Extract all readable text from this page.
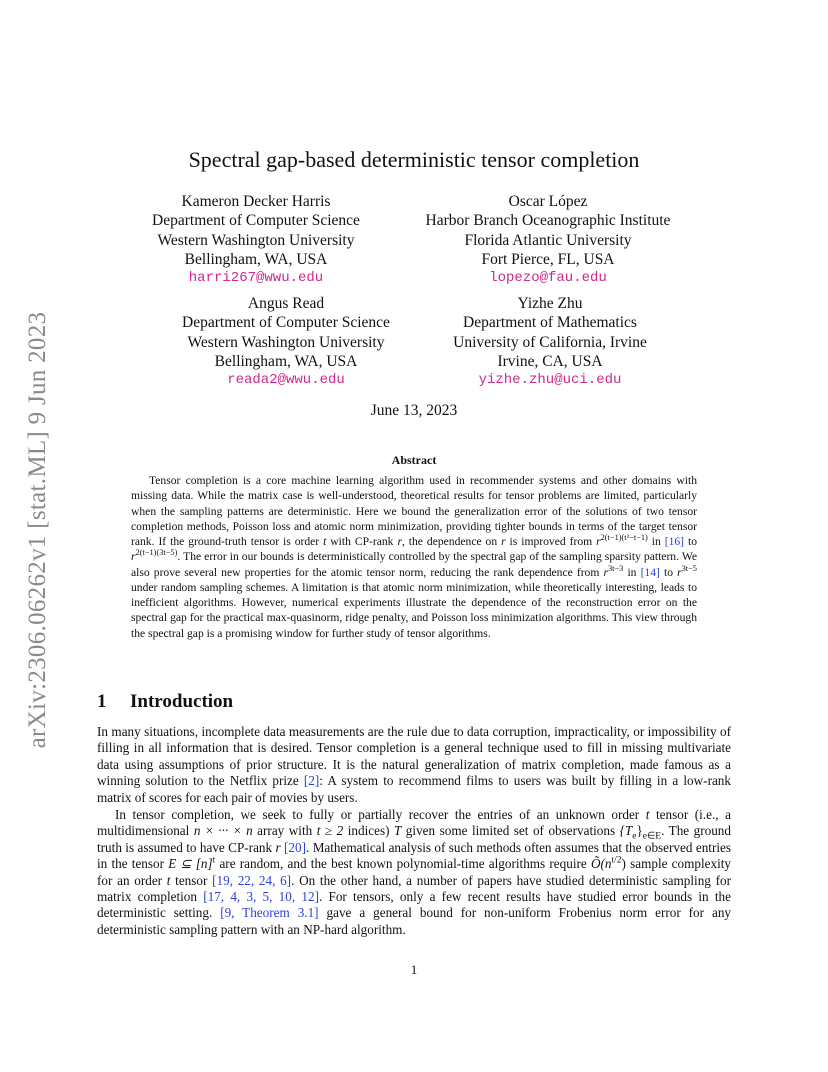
arXiv:2306.06262v1 [stat.ML] 9 Jun 2023
Spectral gap-based deterministic tensor completion
Kameron Decker Harris
Department of Computer Science
Western Washington University
Bellingham, WA, USA
harri267@wwu.edu
Oscar López
Harbor Branch Oceanographic Institute
Florida Atlantic University
Fort Pierce, FL, USA
lopezo@fau.edu
Angus Read
Department of Computer Science
Western Washington University
Bellingham, WA, USA
reada2@wwu.edu
Yizhe Zhu
Department of Mathematics
University of California, Irvine
Irvine, CA, USA
yizhe.zhu@uci.edu
June 13, 2023
Abstract
Tensor completion is a core machine learning algorithm used in recommender systems and other domains with missing data. While the matrix case is well-understood, theoretical results for tensor problems are limited, particularly when the sampling patterns are deterministic. Here we bound the generalization error of the solutions of two tensor completion methods, Poisson loss and atomic norm minimization, providing tighter bounds in terms of the target tensor rank. If the ground-truth tensor is order t with CP-rank r, the dependence on r is improved from $r^{2(t-1)(t^2-t-1)}$ in [16] to $r^{2(t-1)(3t-5)}$. The error in our bounds is deterministically controlled by the spectral gap of the sampling sparsity pattern. We also prove several new properties for the atomic tensor norm, reducing the rank dependence from $r^{3t-3}$ in [14] to $r^{3t-5}$ under random sampling schemes. A limitation is that atomic norm minimization, while theoretically interesting, leads to inefficient algorithms. However, numerical experiments illustrate the dependence of the reconstruction error on the spectral gap for the practical max-quasinorm, ridge penalty, and Poisson loss minimization algorithms. This view through the spectral gap is a promising window for further study of tensor algorithms.
1 Introduction
In many situations, incomplete data measurements are the rule due to data corruption, impracticality, or impossibility of filling in all information that is desired. Tensor completion is a general technique used to fill in missing multivariate data using assumptions of prior structure. It is the natural generalization of matrix completion, made famous as a winning solution to the Netflix prize [2]: A system to recommend films to users was built by filling in a low-rank matrix of scores for each pair of movies by users.
In tensor completion, we seek to fully or partially recover the entries of an unknown order t tensor (i.e., a multidimensional n × ··· × n array with t ≥ 2 indices) T given some limited set of observations $\{T_e\}_{e\in E}$. The ground truth is assumed to have CP-rank r [20]. Mathematical analysis of such methods often assumes that the observed entries in the tensor E ⊆ $[n]^t$ are random, and the best known polynomial-time algorithms require $Õ(n^{t/2})$ sample complexity for an order t tensor [19, 22, 24, 6]. On the other hand, a number of papers have studied deterministic sampling for matrix completion [17, 4, 3, 5, 10, 12]. For tensors, only a few recent results have studied error bounds in the deterministic setting. [9, Theorem 3.1] gave a general bound for non-uniform Frobenius norm error for any deterministic sampling pattern with an NP-hard algorithm.
1
